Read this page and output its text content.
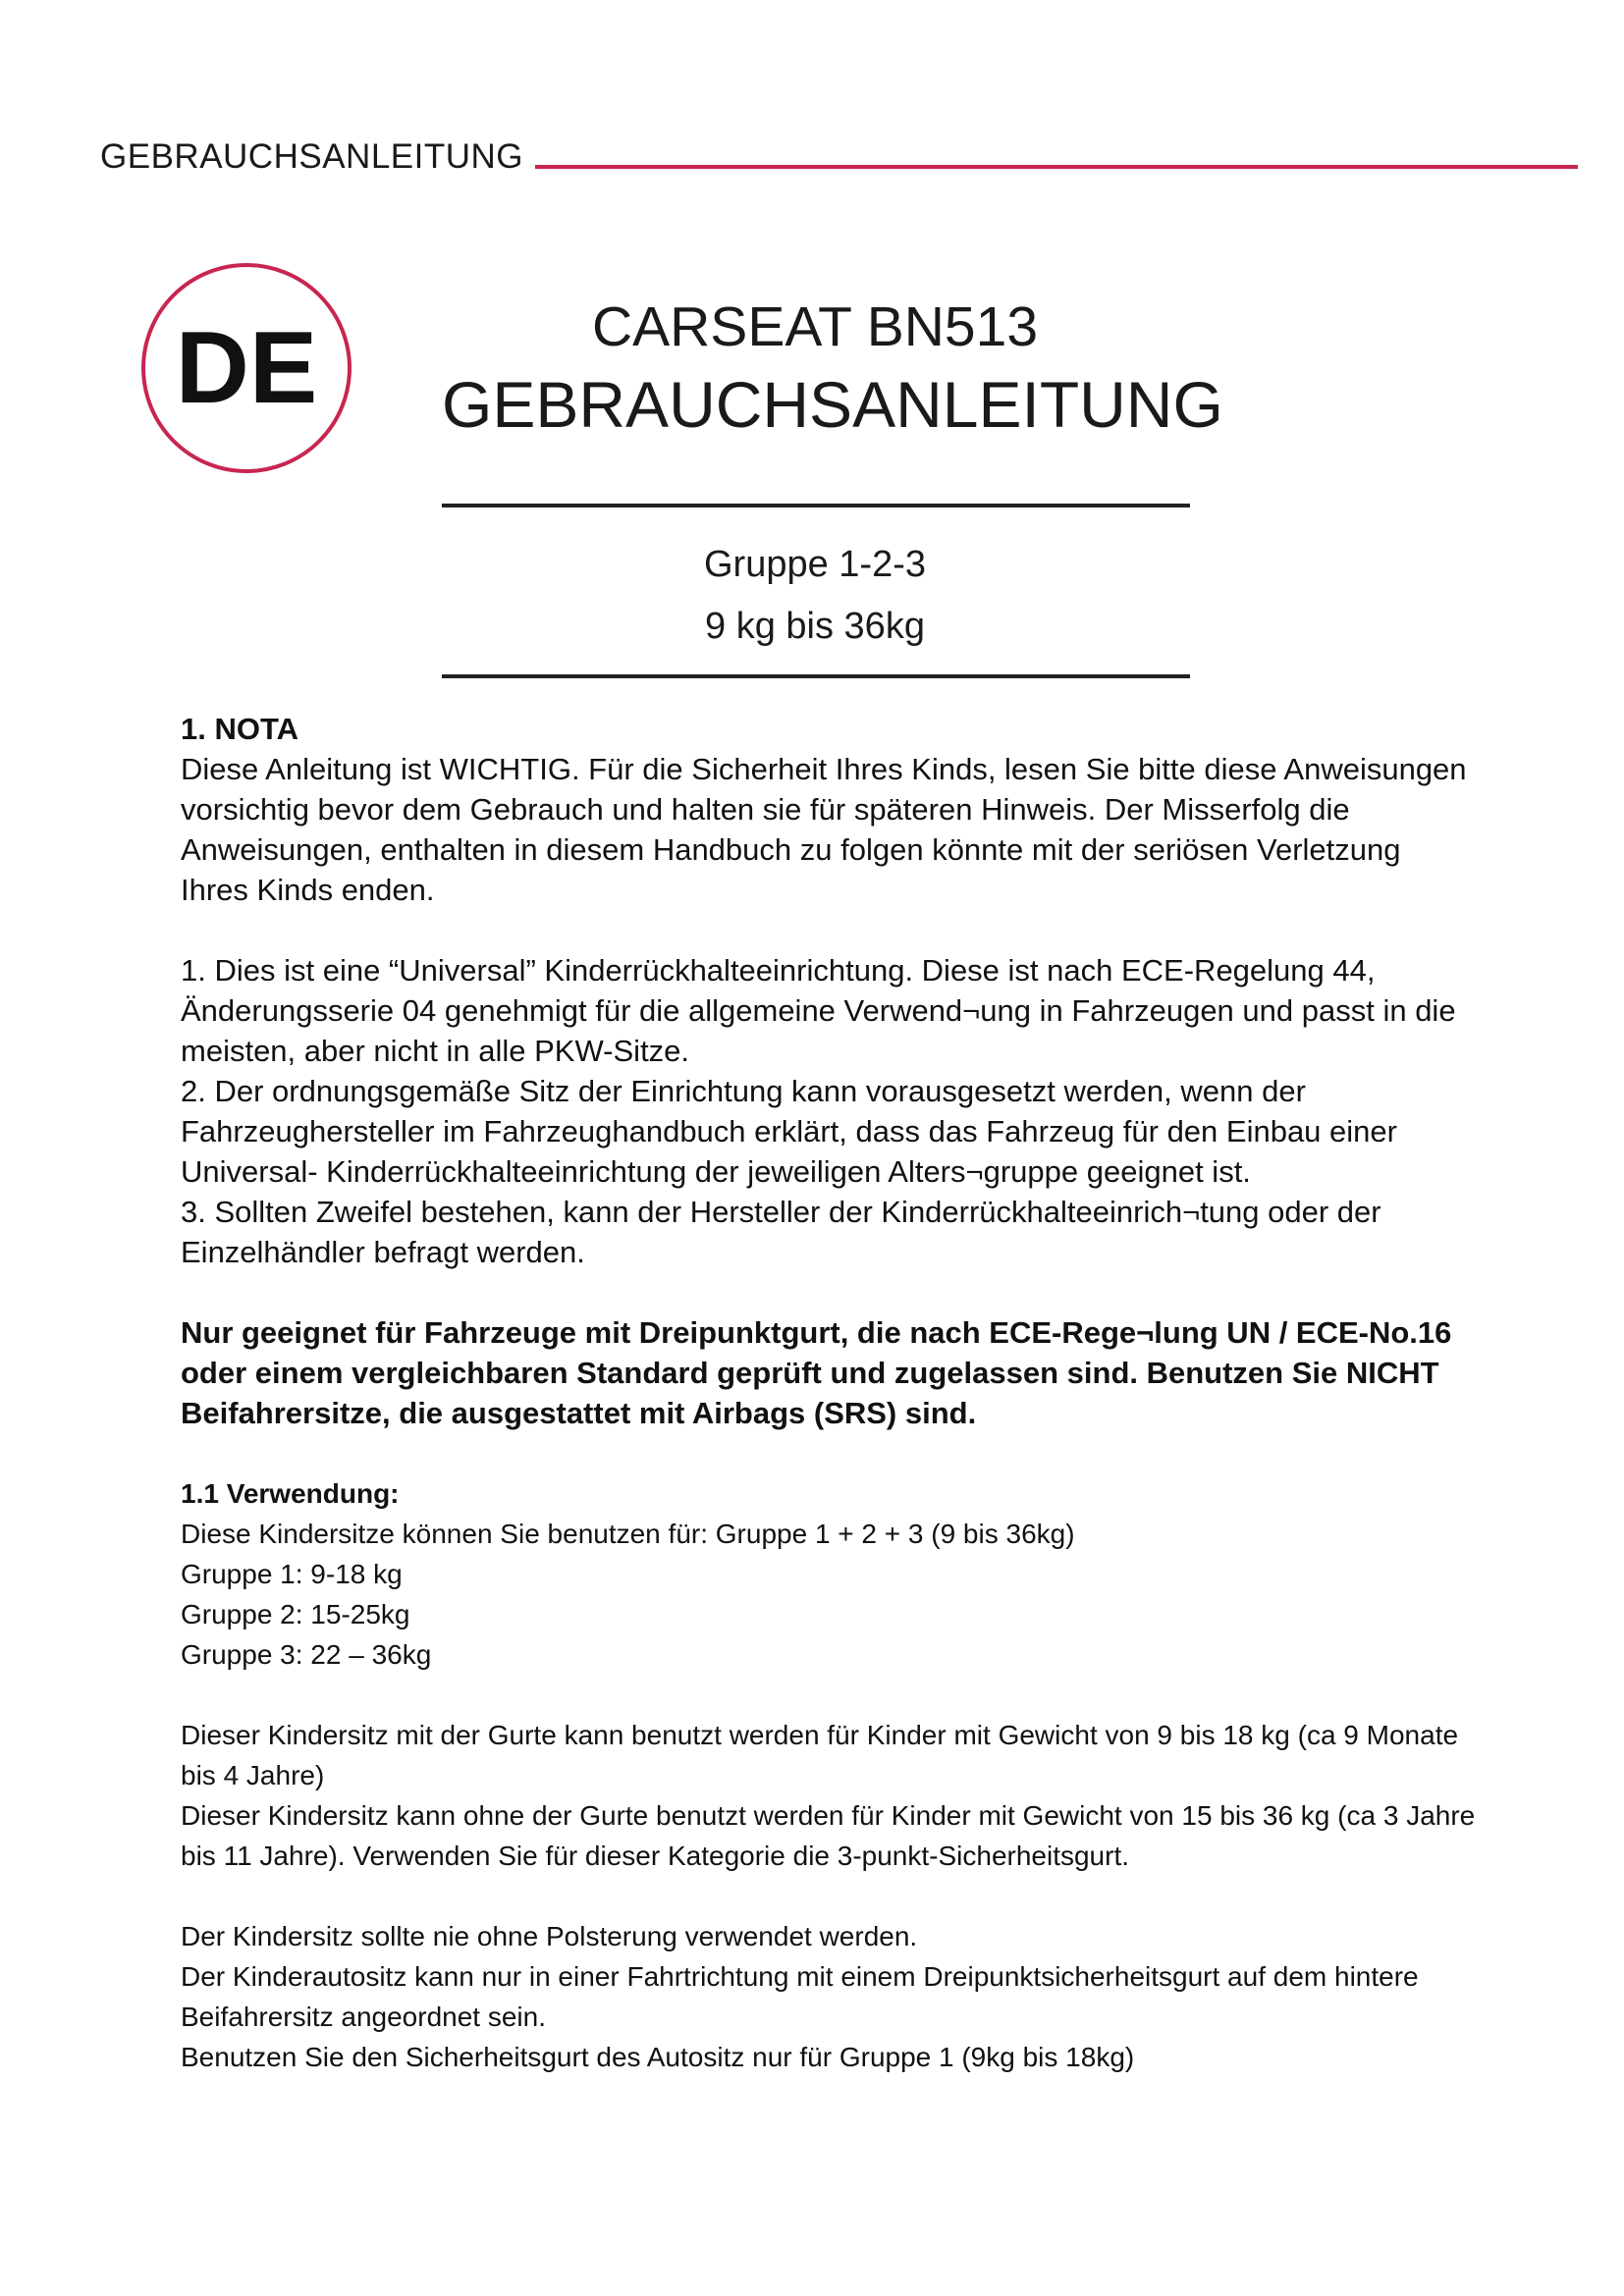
GEBRAUCHSANLEITUNG
DE	CARSEAT BN513
GEBRAUCHSANLEITUNG
Gruppe 1-2-3
9 kg bis 36kg

1. NOTA

Diese Anleitung ist WICHTIG. Für die Sicherheit Ihres Kinds, lesen Sie bitte diese Anweisungen vorsichtig bevor dem Gebrauch und halten sie für späteren Hinweis. Der Misserfolg die Anweisungen, enthalten in diesem Handbuch zu folgen könnte mit der seriösen Verletzung Ihres Kinds enden.

1. Dies ist eine “Universal” Kinderrückhalteeinrichtung. Diese ist nach ECE-Regelung 44, Änderungsserie 04 genehmigt für die allgemeine Verwend¬ung in Fahrzeugen und passt in die meisten, aber nicht in alle PKW-Sitze.

2. Der ordnungsgemäße Sitz der Einrichtung kann vorausgesetzt werden, wenn der Fahrzeughersteller im Fahrzeughandbuch erklärt, dass das Fahrzeug für den Einbau einer Universal- Kinderrückhalteeinrichtung der jeweiligen Alters¬gruppe geeignet ist.

3. Sollten Zweifel bestehen, kann der Hersteller der Kinderrückhalteeinrich¬tung oder der Einzelhändler befragt werden.

Nur geeignet für Fahrzeuge mit Dreipunktgurt, die nach ECE-Rege¬lung UN / ECE-No.16 oder einem vergleichbaren Standard geprüft und zugelassen sind. Benutzen Sie NICHT Beifahrersitze, die ausgestattet mit Airbags (SRS) sind.

1.1 Verwendung:

Diese Kindersitze können Sie benutzen für: Gruppe 1 + 2 + 3 (9 bis 36kg)

Gruppe 1: 9-18 kg

Gruppe 2: 15-25kg

Gruppe 3: 22 – 36kg

Dieser Kindersitz mit der Gurte kann benutzt werden für Kinder mit Gewicht von 9 bis 18 kg (ca 9 Monate bis 4 Jahre)

Dieser Kindersitz kann ohne der Gurte benutzt werden für Kinder mit Gewicht von 15 bis 36 kg (ca 3 Jahre bis 11 Jahre). Verwenden Sie für dieser Kategorie die 3-punkt-Sicherheitsgurt.

Der Kindersitz sollte nie ohne Polsterung verwendet werden.

Der Kinderautositz kann nur in einer Fahrtrichtung mit einem Dreipunktsicherheitsgurt auf dem hintere Beifahrersitz angeordnet sein.

Benutzen Sie den Sicherheitsgurt des Autositz nur für Gruppe 1 (9kg bis 18kg)
